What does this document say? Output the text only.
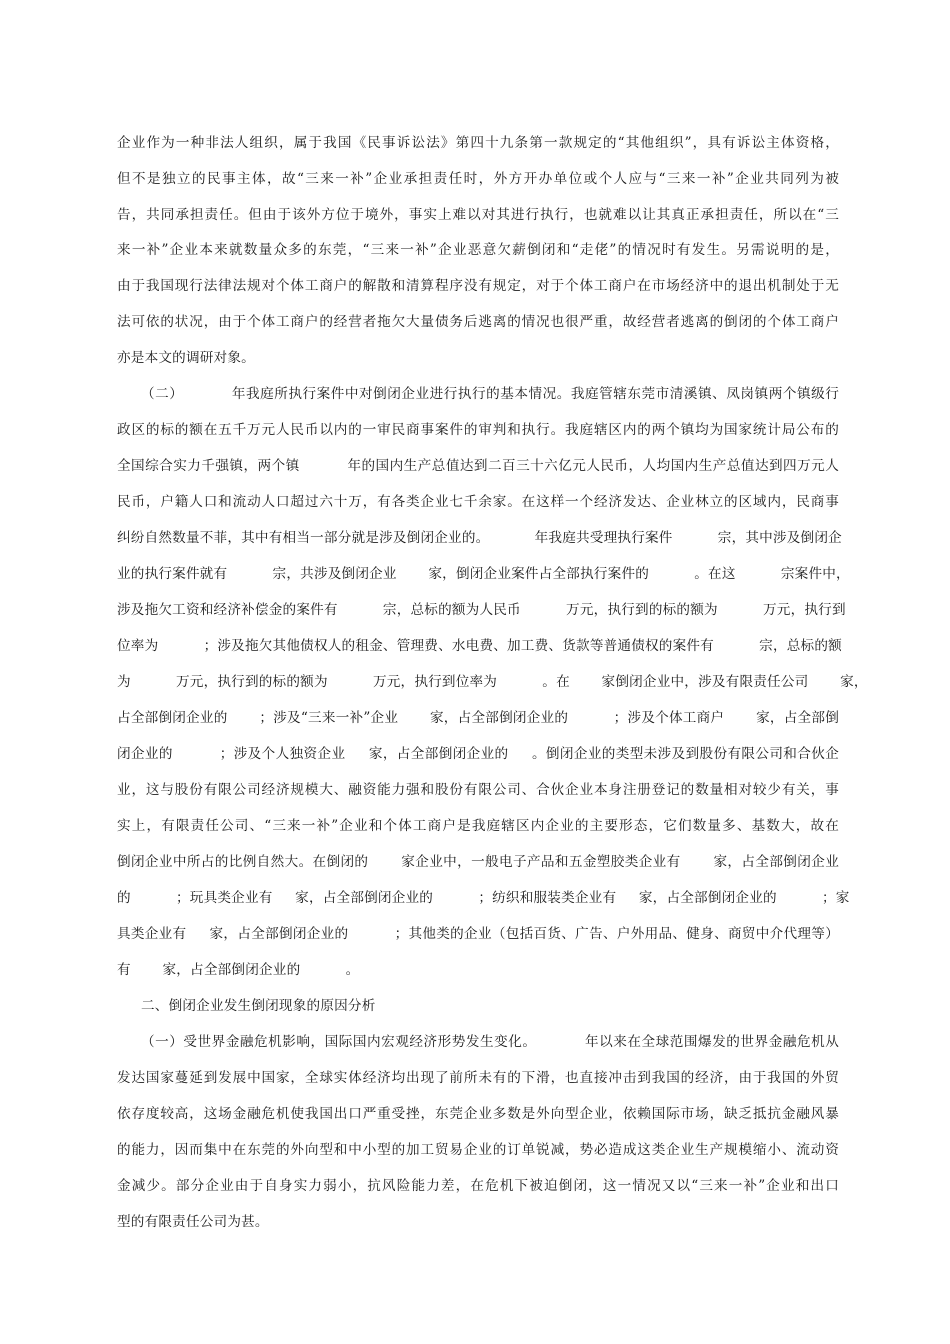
企业作为一种非法人组织，属于我国《民事诉讼法》第四十九条第一款规定的“其他组织”，具有诉讼主体资格，
但不是独立的民事主体，故“三来一补”企业承担责任时，外方开办单位或个人应与“三来一补”企业共同列为被
告，共同承担责任。但由于该外方位于境外，事实上难以对其进行执行，也就难以让其真正承担责任，所以在“三
来一补”企业本来就数量众多的东莞，“三来一补”企业恶意欠薪倒闭和“走佬”的情况时有发生。另需说明的是，
由于我国现行法律法规对个体工商户的解散和清算程序没有规定，对于个体工商户在市场经济中的退出机制处于无
法可依的状况，由于个体工商户的经营者拖欠大量债务后逃离的情况也很严重，故经营者逃离的倒闭的个体工商户
亦是本文的调研对象。
（二）          年我庭所执行案件中对倒闭企业进行执行的基本情况。我庭管辖东莞市清溪镇、凤岗镇两个镇级行
政区的标的额在五千万元人民币以内的一审民商事案件的审判和执行。我庭辖区内的两个镇均为国家统计局公布的
全国综合实力千强镇，两个镇          年的国内生产总值达到二百三十六亿元人民币，人均国内生产总值达到四万元人
民币，户籍人口和流动人口超过六十万，有各类企业七千余家。在这样一个经济发达、企业林立的区域内，民商事
纠纷自然数量不菲，其中有相当一部分就是涉及倒闭企业的。          年我庭共受理执行案件          宗，其中涉及倒闭企
业的执行案件就有          宗，共涉及倒闭企业       家，倒闭企业案件占全部执行案件的          。在这          宗案件中，
涉及拖欠工资和经济补偿金的案件有          宗，总标的额为人民币          万元，执行到的标的额为          万元，执行到
位率为          ；涉及拖欠其他债权人的租金、管理费、水电费、加工费、货款等普通债权的案件有          宗，总标的额
为          万元，执行到的标的额为          万元，执行到位率为          。在       家倒闭企业中，涉及有限责任公司       家，
占全部倒闭企业的       ；涉及“三来一补”企业       家，占全部倒闭企业的          ；涉及个体工商户       家，占全部倒
闭企业的          ；涉及个人独资企业     家，占全部倒闭企业的     。倒闭企业的类型未涉及到股份有限公司和合伙企
业，这与股份有限公司经济规模大、融资能力强和股份有限公司、合伙企业本身注册登记的数量相对较少有关，事
实上，有限责任公司、“三来一补”企业和个体工商户是我庭辖区内企业的主要形态，它们数量多、基数大，故在
倒闭企业中所占的比例自然大。在倒闭的       家企业中，一般电子产品和五金塑胶类企业有       家，占全部倒闭企业
的          ；玩具类企业有     家，占全部倒闭企业的          ；纺织和服装类企业有     家，占全部倒闭企业的          ；家
具类企业有     家，占全部倒闭企业的          ；其他类的企业（包括百货、广告、户外用品、健身、商贸中介代理等）
有       家，占全部倒闭企业的          。
二、倒闭企业发生倒闭现象的原因分析
（一）受世界金融危机影响，国际国内宏观经济形势发生变化。          年以来在全球范围爆发的世界金融危机从
发达国家蔓延到发展中国家，全球实体经济均出现了前所未有的下滑，也直接冲击到我国的经济，由于我国的外贸
依存度较高，这场金融危机使我国出口严重受挫，东莞企业多数是外向型企业，依赖国际市场，缺乏抵抗金融风暴
的能力，因而集中在东莞的外向型和中小型的加工贸易企业的订单锐减，势必造成这类企业生产规模缩小、流动资
金减少。部分企业由于自身实力弱小，抗风险能力差，在危机下被迫倒闭，这一情况又以“三来一补”企业和出口
型的有限责任公司为甚。
